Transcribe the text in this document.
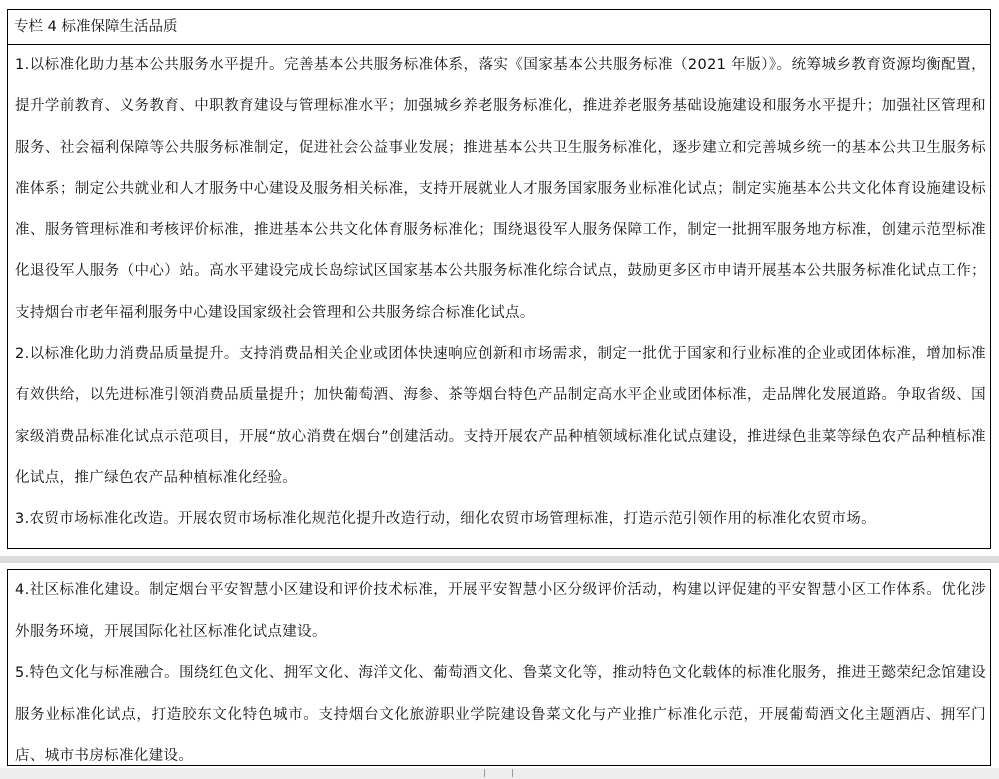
专栏 4 标准保障生活品质

1.以标准化助力基本公共服务水平提升。完善基本公共服务标准体系，落实《国家基本公共服务标准（2021 年版）》。统筹城乡教育资源均衡配置，提升学前教育、义务教育、中职教育建设与管理标准水平；加强城乡养老服务标准化，推进养老服务基础设施建设和服务水平提升；加强社区管理和服务、社会福利保障等公共服务标准制定，促进社会公益事业发展；推进基本公共卫生服务标准化，逐步建立和完善城乡统一的基本公共卫生服务标准体系；制定公共就业和人才服务中心建设及服务相关标准，支持开展就业人才服务国家服务业标准化试点；制定实施基本公共文化体育设施建设标准、服务管理标准和考核评价标准，推进基本公共文化体育服务标准化；围绕退役军人服务保障工作，制定一批拥军服务地方标准，创建示范型标准化退役军人服务（中心）站。高水平建设完成长岛综试区国家基本公共服务标准化综合试点，鼓励更多区市申请开展基本公共服务标准化试点工作；支持烟台市老年福利服务中心建设国家级社会管理和公共服务综合标准化试点。

2.以标准化助力消费品质量提升。支持消费品相关企业或团体快速响应创新和市场需求，制定一批优于国家和行业标准的企业或团体标准，增加标准有效供给，以先进标准引领消费品质量提升；加快葡萄酒、海参、茶等烟台特色产品制定高水平企业或团体标准，走品牌化发展道路。争取省级、国家级消费品标准化试点示范项目，开展“放心消费在烟台”创建活动。支持开展农产品种植领域标准化试点建设，推进绿色韭菜等绿色农产品种植标准化试点，推广绿色农产品种植标准化经验。

3.农贸市场标准化改造。开展农贸市场标准化规范化提升改造行动，细化农贸市场管理标准，打造示范引领作用的标准化农贸市场。

4.社区标准化建设。制定烟台平安智慧小区建设和评价技术标准，开展平安智慧小区分级评价活动，构建以评促建的平安智慧小区工作体系。优化涉外服务环境，开展国际化社区标准化试点建设。

5.特色文化与标准融合。围绕红色文化、拥军文化、海洋文化、葡萄酒文化、鲁菜文化等，推动特色文化载体的标准化服务，推进王懿荣纪念馆建设服务业标准化试点，打造胶东文化特色城市。支持烟台文化旅游职业学院建设鲁菜文化与产业推广标准化示范，开展葡萄酒文化主题酒店、拥军门店、城市书房标准化建设。
